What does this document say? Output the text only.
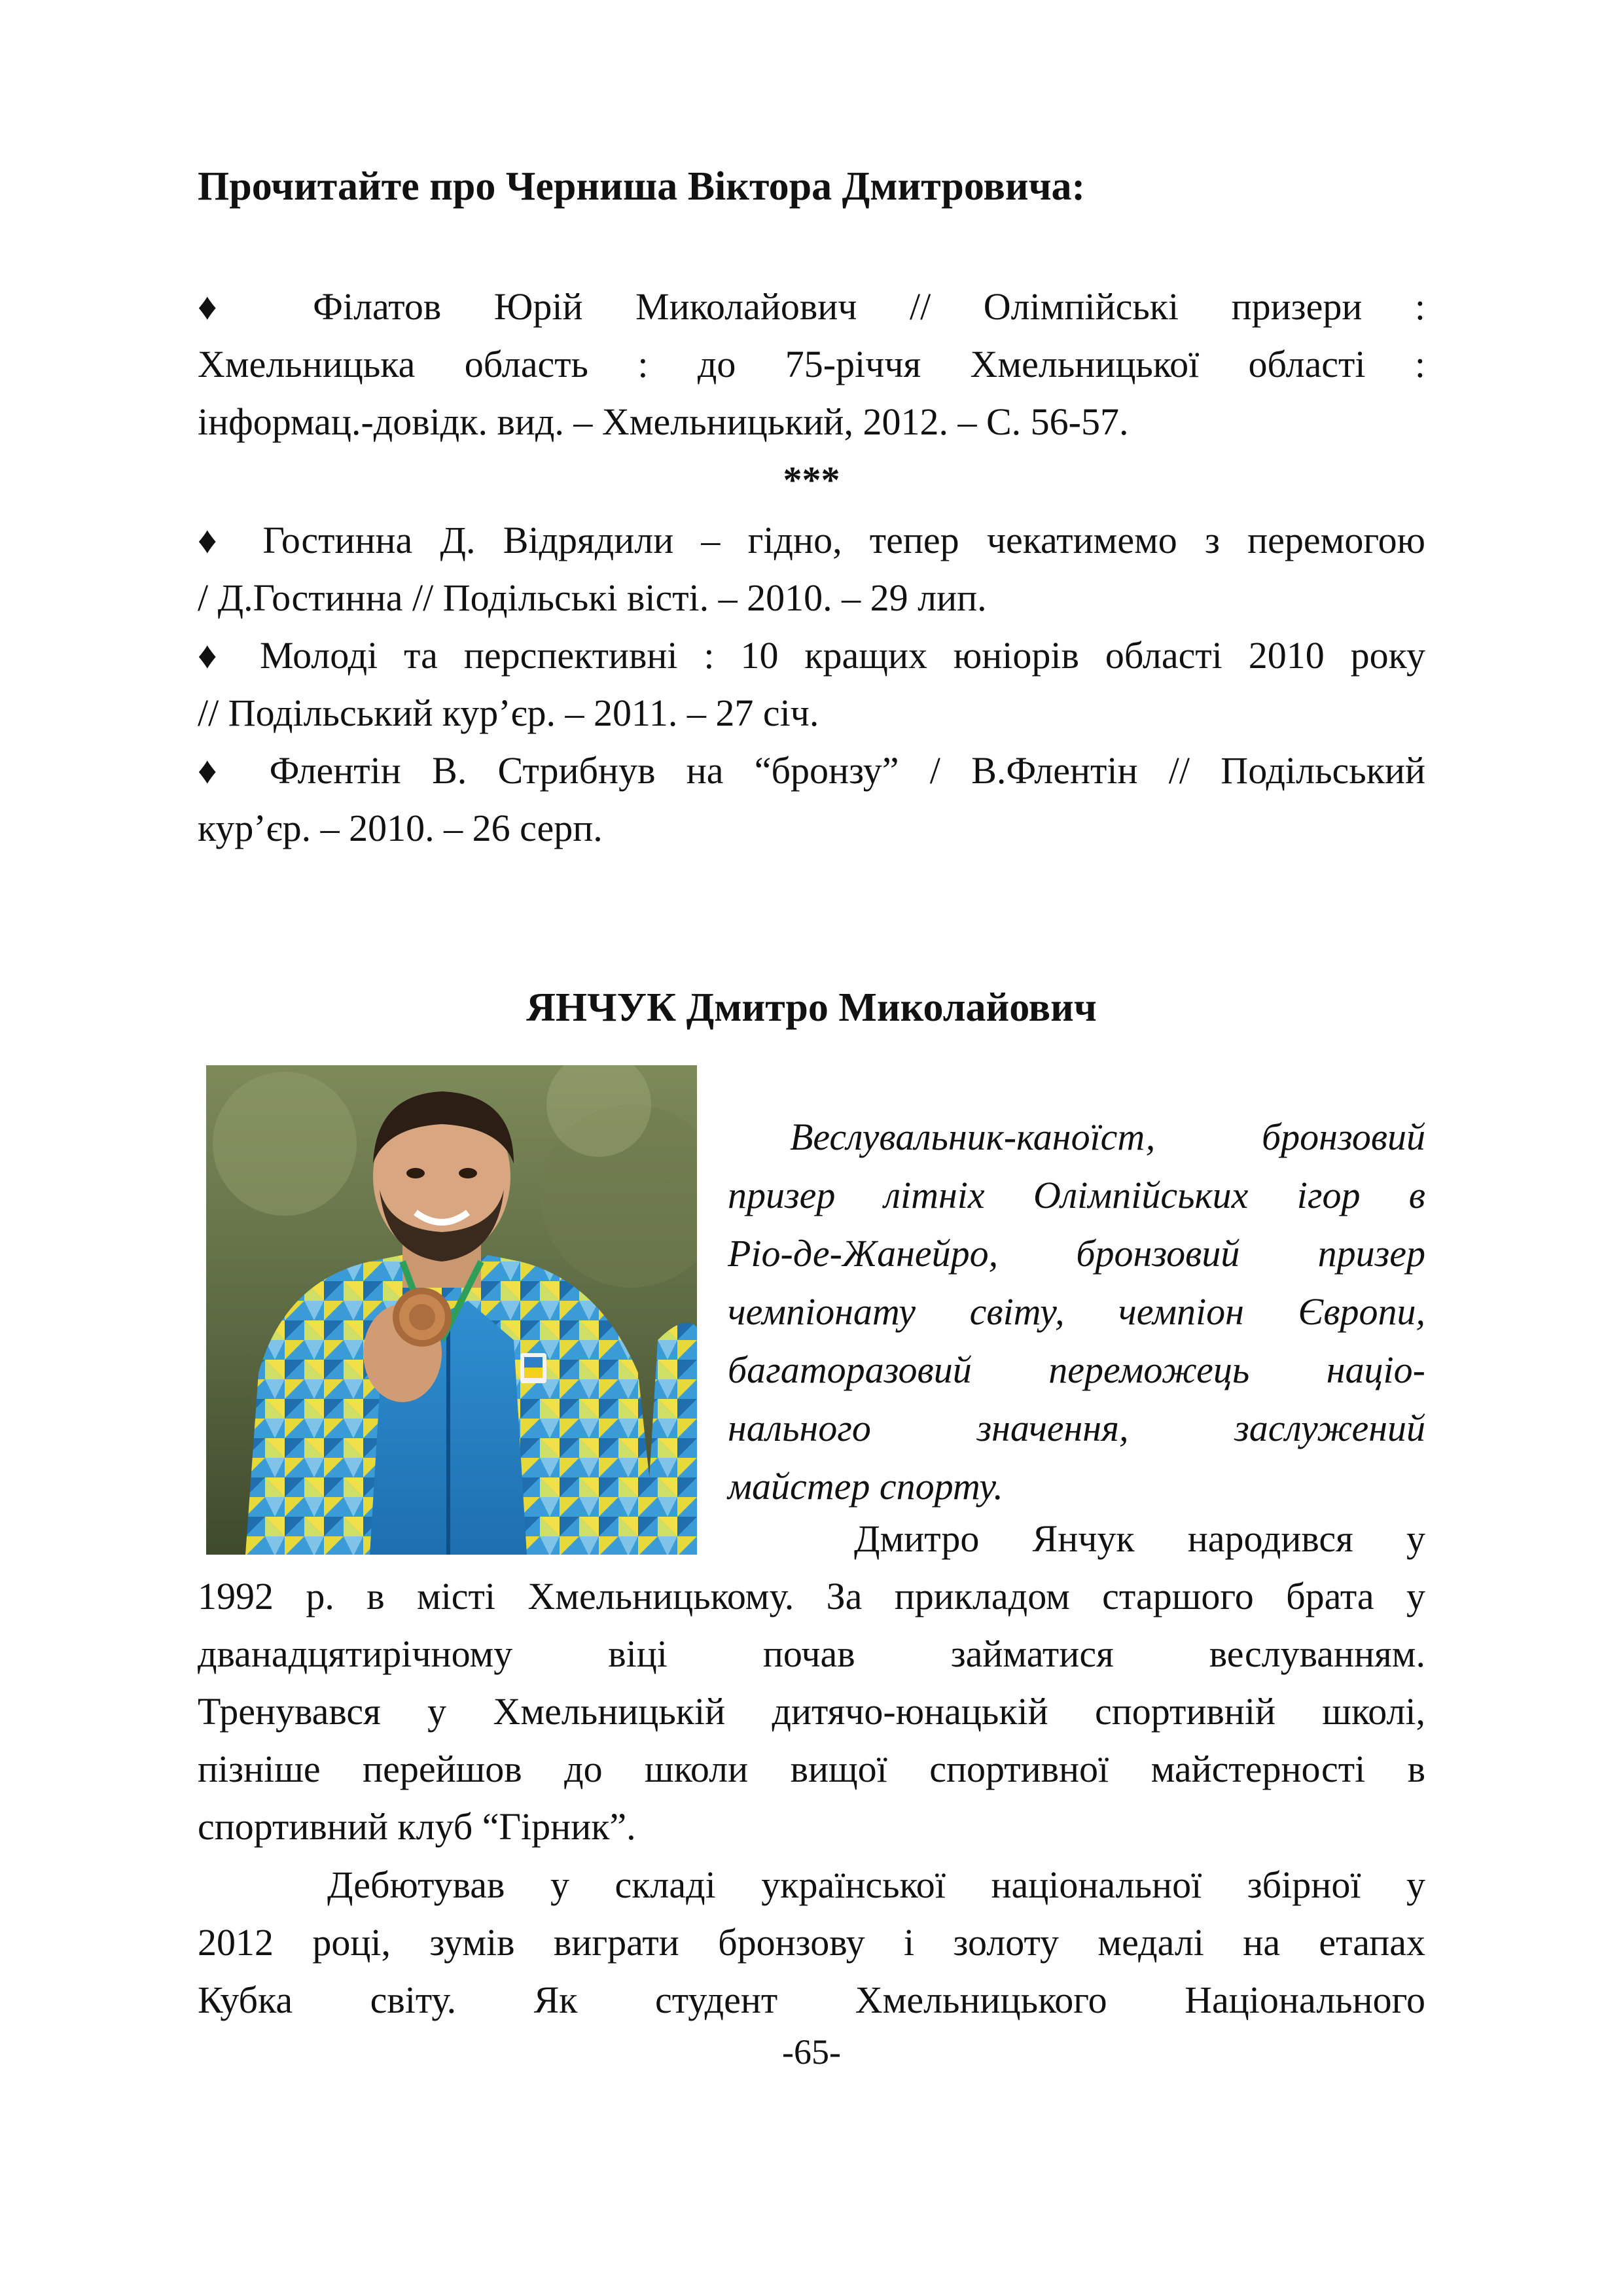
Прочитайте про Черниша Віктора Дмитровича:
♦ Філатов Юрій Миколайович // Олімпійські призери :
Хмельницька область : до 75-річчя Хмельницької області :
інформац.-довідк. вид. – Хмельницький, 2012. – С. 56-57.
***
♦ Гостинна Д. Відрядили – гідно, тепер чекатимемо з перемогою
/ Д.Гостинна // Подільські вісті. – 2010. – 29 лип.
♦ Молоді та перспективні : 10 кращих юніорів області 2010 року
// Подільський кур’єр. – 2011. – 27 січ.
♦ Флентін В. Стрибнув на “бронзу” / В.Флентін // Подільський
кур’єр. – 2010. – 26 серп.
ЯНЧУК Дмитро Миколайович
Веслувальник-каноїст, бронзовий
призер літніх Олімпійських ігор в
Ріо-де-Жанейро, бронзовий призер
чемпіонату світу, чемпіон Європи,
багаторазовий переможець націо-
нального значення, заслужений
майстер спорту.
Дмитро Янчук народився у
1992 р. в місті Хмельницькому. За прикладом старшого брата у
дванадцятирічному віці почав займатися веслуванням.
Тренувався у Хмельницькій дитячо-юнацькій спортивній школі,
пізніше перейшов до школи вищої спортивної майстерності в
спортивний клуб “Гірник”.
Дебютував у складі української національної збірної у
2012 році, зумів виграти бронзову і золоту медалі на етапах
Кубка світу. Як студент Хмельницького Національного
-65-
